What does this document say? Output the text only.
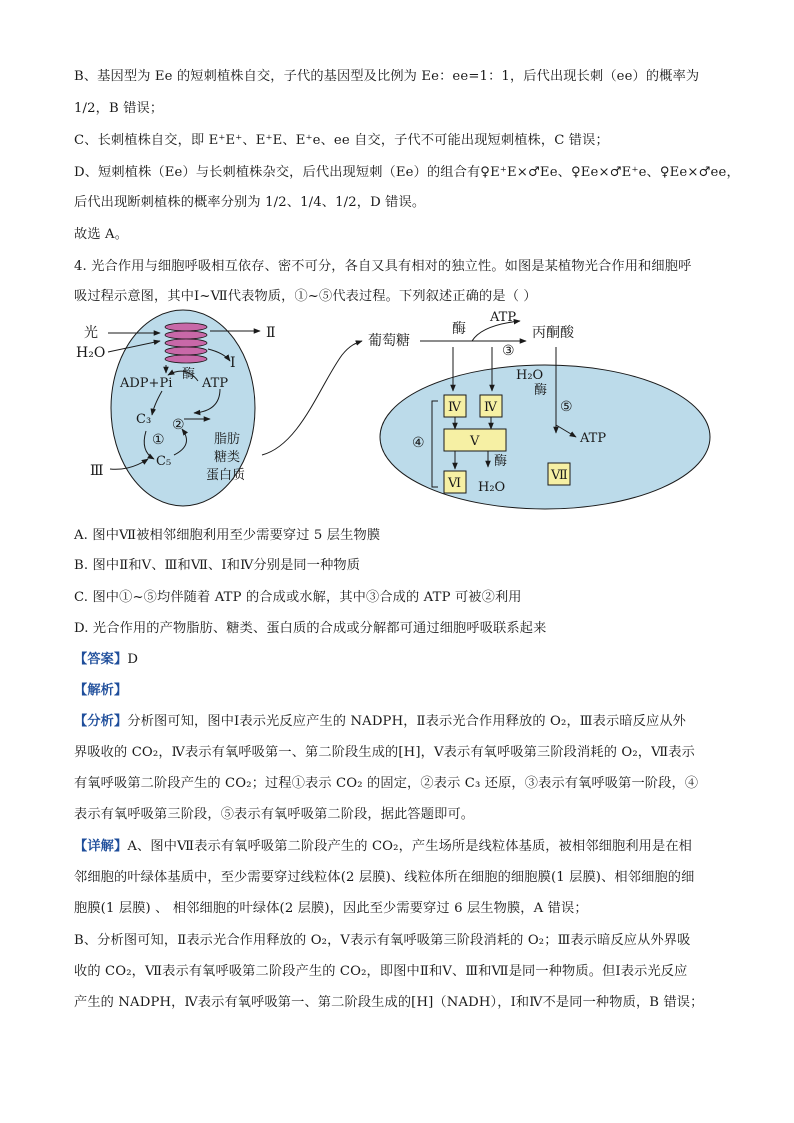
B、基因型为 Ee 的短刺植株自交，子代的基因型及比例为 Ee：ee=1：1，后代出现长刺（ee）的概率为
1/2，B 错误；
C、长刺植株自交，即 E⁺E⁺、E⁺E、E⁺e、ee 自交，子代不可能出现短刺植株，C 错误；
D、短刺植株（Ee）与长刺植株杂交，后代出现短刺（Ee）的组合有♀E⁺E×♂Ee、♀Ee×♂E⁺e、♀Ee×♂ee，
后代出现断刺植株的概率分别为 1/2、1/4、1/2，D 错误。
故选 A。
4. 光合作用与细胞呼吸相互依存、密不可分，各自又具有相对的独立性。如图是某植物光合作用和细胞呼
吸过程示意图，其中Ⅰ~Ⅶ代表物质，①~⑤代表过程。下列叙述正确的是（ ）
光
H₂O
Ⅱ
Ⅰ
酶
ADP+Pi ATP
C₃
C₅
②
①
Ⅲ
脂肪
糖类
蛋白质
葡萄糖
酶
ATP
丙酮酸
③
H₂O
酶
⑤
ATP
Ⅳ Ⅳ
Ⅴ
④
酶
Ⅵ H₂O
Ⅶ
A. 图中Ⅶ被相邻细胞利用至少需要穿过 5 层生物膜
B. 图中Ⅱ和Ⅴ、Ⅲ和Ⅶ、Ⅰ和Ⅳ分别是同一种物质
C. 图中①~⑤均伴随着 ATP 的合成或水解，其中③合成的 ATP 可被②利用
D. 光合作用的产物脂肪、糖类、蛋白质的合成或分解都可通过细胞呼吸联系起来
【答案】D
【解析】
【分析】分析图可知，图中Ⅰ表示光反应产生的 NADPH，Ⅱ表示光合作用释放的 O₂，Ⅲ表示暗反应从外
界吸收的 CO₂，Ⅳ表示有氧呼吸第一、第二阶段生成的[H]，Ⅴ表示有氧呼吸第三阶段消耗的 O₂，Ⅶ表示
有氧呼吸第二阶段产生的 CO₂；过程①表示 CO₂ 的固定，②表示 C₃ 还原，③表示有氧呼吸第一阶段，④
表示有氧呼吸第三阶段，⑤表示有氧呼吸第二阶段，据此答题即可。
【详解】A、图中Ⅶ表示有氧呼吸第二阶段产生的 CO₂，产生场所是线粒体基质，被相邻细胞利用是在相
邻细胞的叶绿体基质中，至少需要穿过线粒体(2 层膜)、线粒体所在细胞的细胞膜(1 层膜)、相邻细胞的细
胞膜(1 层膜) 、 相邻细胞的叶绿体(2 层膜)，因此至少需要穿过 6 层生物膜，A 错误；
B、分析图可知，Ⅱ表示光合作用释放的 O₂，Ⅴ表示有氧呼吸第三阶段消耗的 O₂；Ⅲ表示暗反应从外界吸
收的 CO₂，Ⅶ表示有氧呼吸第二阶段产生的 CO₂，即图中Ⅱ和Ⅴ、Ⅲ和Ⅶ是同一种物质。但Ⅰ表示光反应
产生的 NADPH，Ⅳ表示有氧呼吸第一、第二阶段生成的[H]（NADH），Ⅰ和Ⅳ不是同一种物质，B 错误；
